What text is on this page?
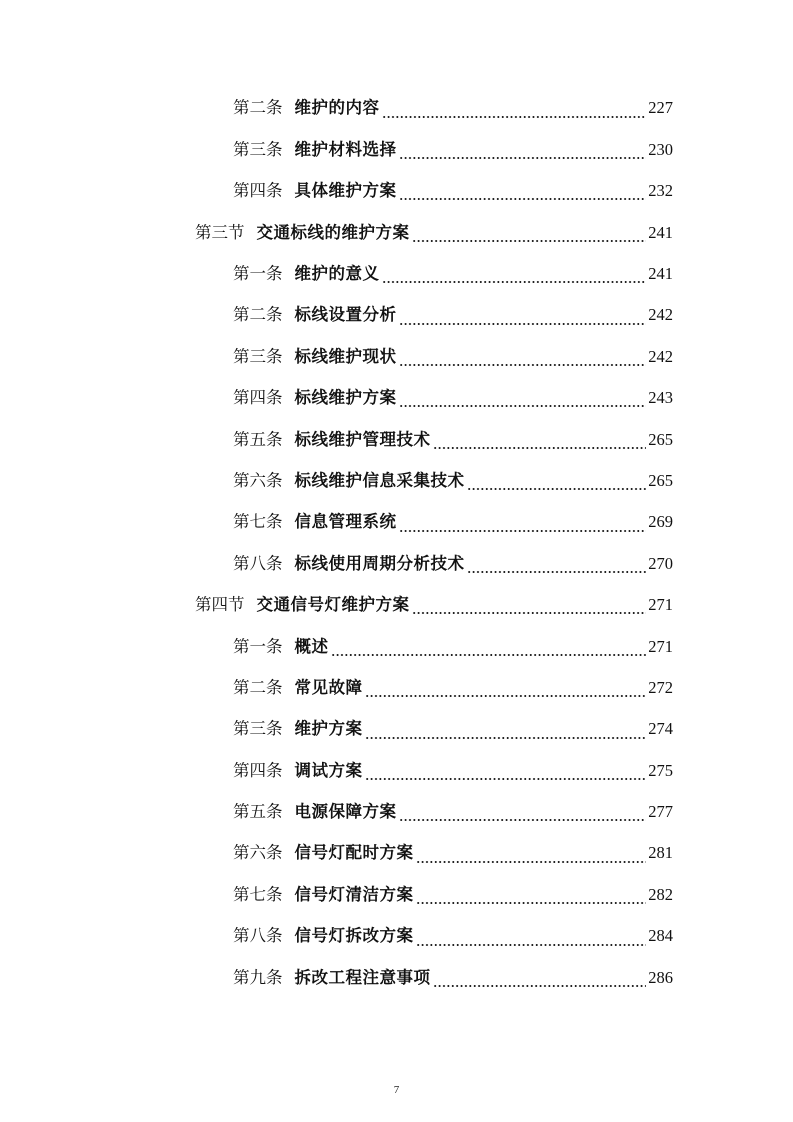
第二条 维护的内容	227
第三条 维护材料选择	230
第四条 具体维护方案	232
第三节 交通标线的维护方案	241
第一条 维护的意义	241
第二条 标线设置分析	242
第三条 标线维护现状	242
第四条 标线维护方案	243
第五条 标线维护管理技术	265
第六条 标线维护信息采集技术	265
第七条 信息管理系统	269
第八条 标线使用周期分析技术	270
第四节 交通信号灯维护方案	271
第一条 概述	271
第二条 常见故障	272
第三条 维护方案	274
第四条 调试方案	275
第五条 电源保障方案	277
第六条 信号灯配时方案	281
第七条 信号灯清洁方案	282
第八条 信号灯拆改方案	284
第九条 拆改工程注意事项	286
7
